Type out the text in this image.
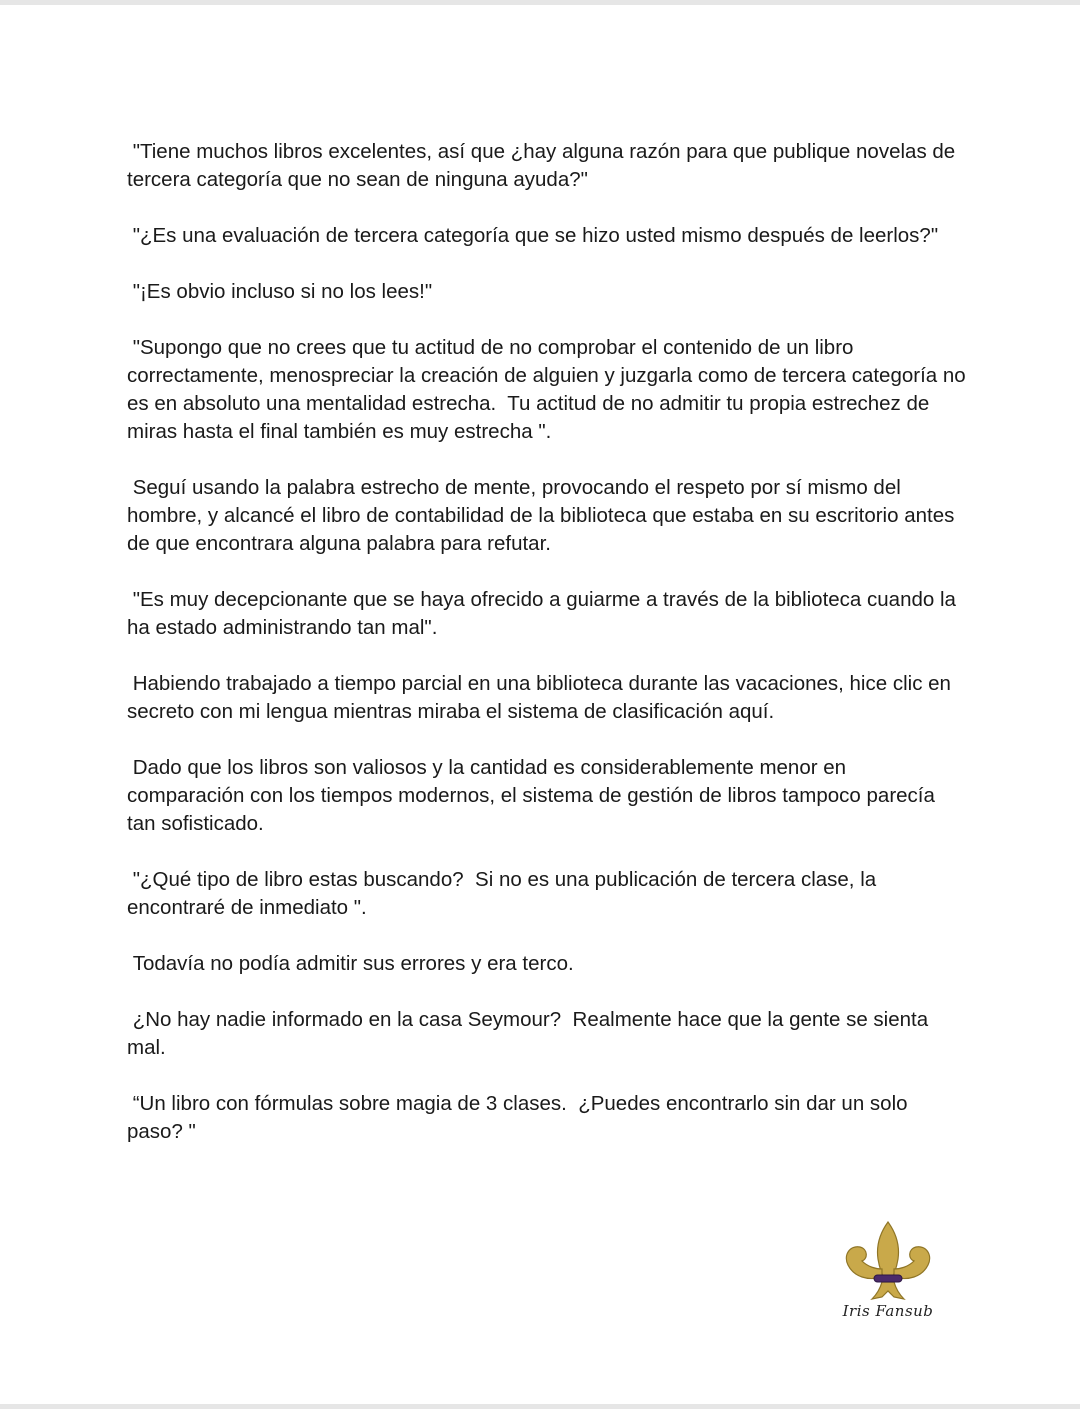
"Tiene muchos libros excelentes, así que ¿hay alguna razón para que publique novelas de tercera categoría que no sean de ninguna ayuda?"

"¿Es una evaluación de tercera categoría que se hizo usted mismo después de leerlos?"

"¡Es obvio incluso si no los lees!"

"Supongo que no crees que tu actitud de no comprobar el contenido de un libro correctamente, menospreciar la creación de alguien y juzgarla como de tercera categoría no es en absoluto una mentalidad estrecha.  Tu actitud de no admitir tu propia estrechez de miras hasta el final también es muy estrecha ".

Seguí usando la palabra estrecho de mente, provocando el respeto por sí mismo del hombre, y alcancé el libro de contabilidad de la biblioteca que estaba en su escritorio antes de que encontrara alguna palabra para refutar.

"Es muy decepcionante que se haya ofrecido a guiarme a través de la biblioteca cuando la ha estado administrando tan mal".

Habiendo trabajado a tiempo parcial en una biblioteca durante las vacaciones, hice clic en secreto con mi lengua mientras miraba el sistema de clasificación aquí.

Dado que los libros son valiosos y la cantidad es considerablemente menor en comparación con los tiempos modernos, el sistema de gestión de libros tampoco parecía tan sofisticado.

"¿Qué tipo de libro estas buscando?  Si no es una publicación de tercera clase, la encontraré de inmediato ".

Todavía no podía admitir sus errores y era terco.

¿No hay nadie informado en la casa Seymour?  Realmente hace que la gente se sienta mal.

“Un libro con fórmulas sobre magia de 3 clases.  ¿Puedes encontrarlo sin dar un solo paso? "

Iris Fansub
